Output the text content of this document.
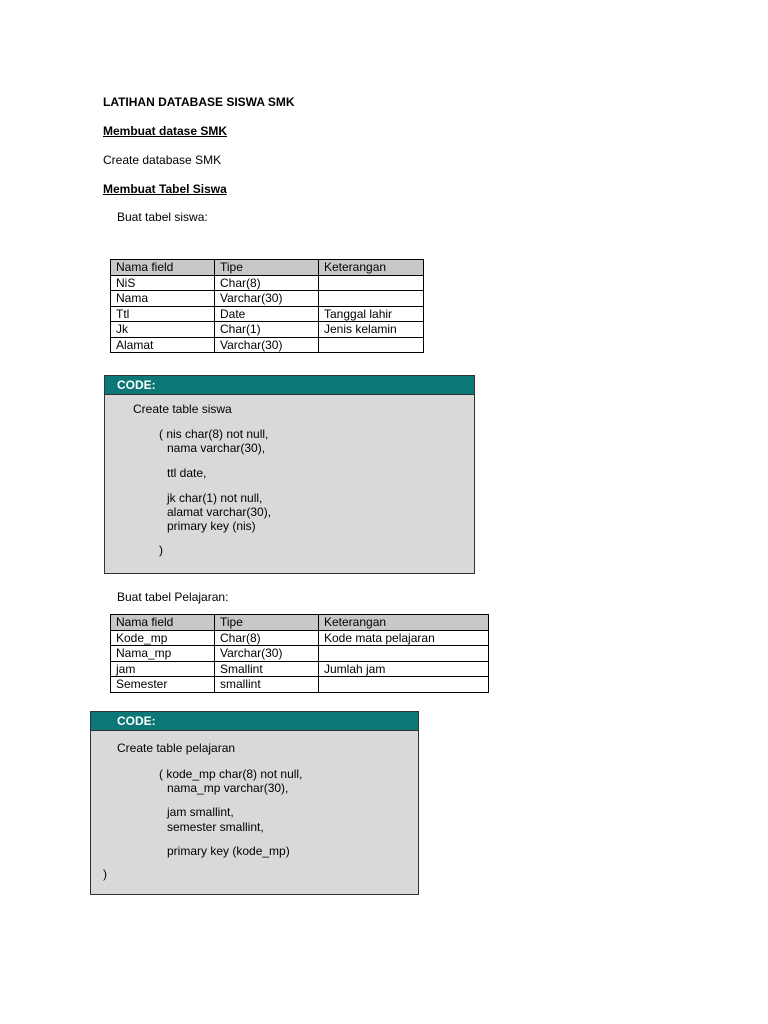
LATIHAN DATABASE SISWA SMK
Membuat datase SMK
Create database SMK
Membuat Tabel Siswa
Buat tabel siswa:
Nama field	Tipe	Keterangan
NiS	Char(8)	
Nama	Varchar(30)	
Ttl	Date	Tanggal lahir
Jk	Char(1)	Jenis kelamin
Alamat	Varchar(30)	
CODE:
Create table siswa
( nis char(8) not null,
nama varchar(30),
ttl date,
jk char(1) not null,
alamat varchar(30),
primary key (nis)
)
Buat tabel Pelajaran:
Nama field	Tipe	Keterangan
Kode_mp	Char(8)	Kode mata pelajaran
Nama_mp	Varchar(30)	
jam	Smallint	Jumlah jam
Semester	smallint	
CODE:
Create table pelajaran
( kode_mp char(8) not null,
nama_mp varchar(30),
jam smallint,
semester smallint,
primary key (kode_mp)
)
